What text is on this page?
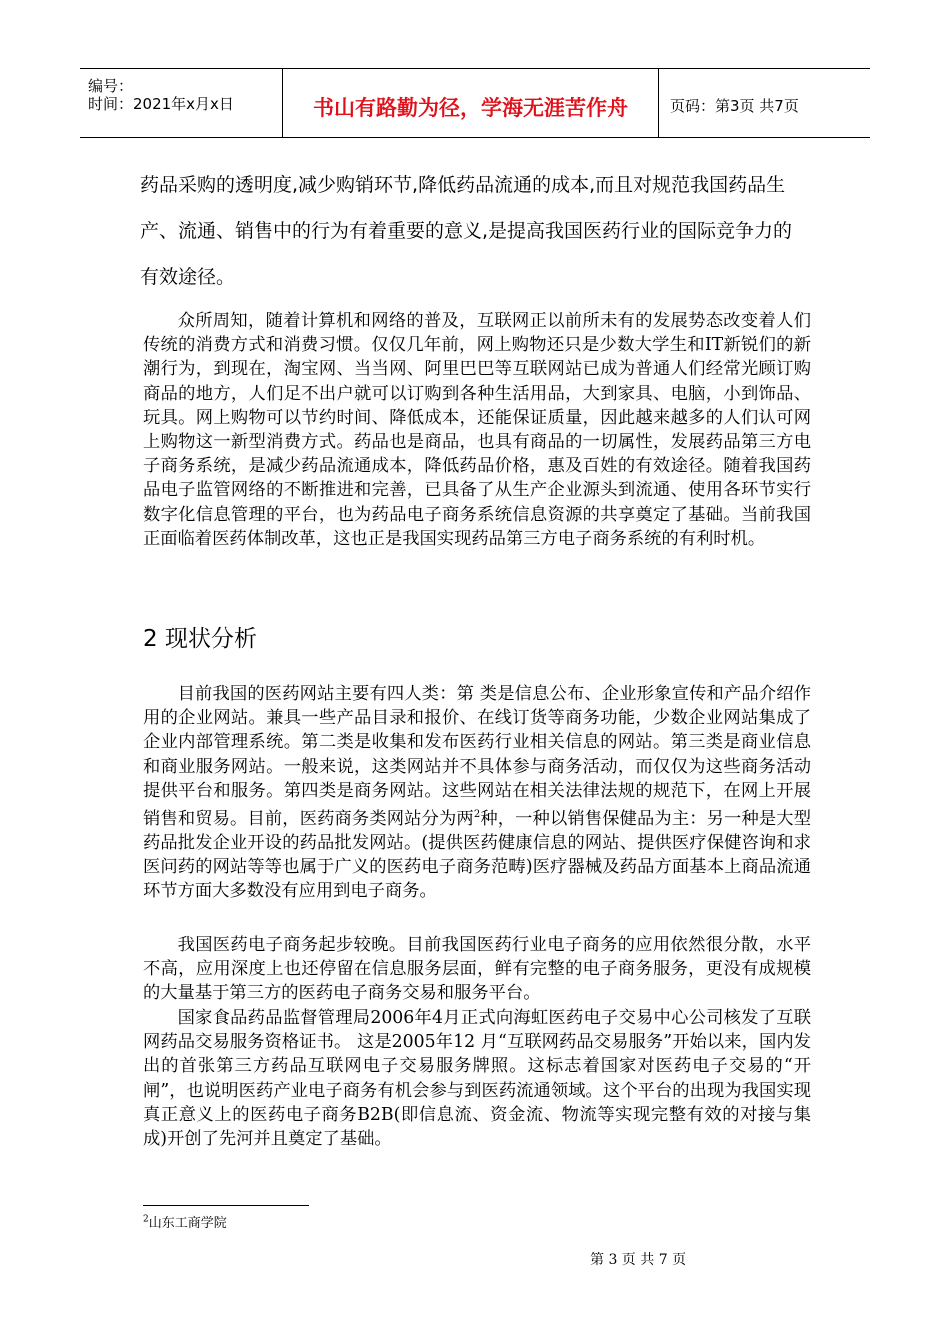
编号：
时间：2021年x月x日	书山有路勤为径，学海无涯苦作舟	页码：第3页 共7页
药品采购的透明度,减少购销环节,降低药品流通的成本,而且对规范我国药品生
产、流通、销售中的行为有着重要的意义,是提高我国医药行业的国际竞争力的
有效途径。

众所周知，随着计算机和网络的普及，互联网正以前所未有的发展势态改变着人们传统的消费方式和消费习惯。仅仅几年前，网上购物还只是少数大学生和IT新锐们的新潮行为，到现在，淘宝网、当当网、阿里巴巴等互联网站已成为普通人们经常光顾订购商品的地方，人们足不出户就可以订购到各种生活用品，大到家具、电脑，小到饰品、玩具。网上购物可以节约时间、降低成本，还能保证质量，因此越来越多的人们认可网上购物这一新型消费方式。药品也是商品，也具有商品的一切属性，发展药品第三方电子商务系统，是减少药品流通成本，降低药品价格，惠及百姓的有效途径。随着我国药品电子监管网络的不断推进和完善，已具备了从生产企业源头到流通、使用各环节实行数字化信息管理的平台，也为药品电子商务系统信息资源的共享奠定了基础。当前我国正面临着医药体制改革，这也正是我国实现药品第三方电子商务系统的有利时机。

2 现状分析

目前我国的医药网站主要有四人类：第 类是信息公布、企业形象宣传和产品介绍作用的企业网站。兼具一些产品目录和报价、在线订货等商务功能，少数企业网站集成了企业内部管理系统。第二类是收集和发布医药行业相关信息的网站。第三类是商业信息和商业服务网站。一般来说，这类网站并不具体参与商务活动，而仅仅为这些商务活动提供平台和服务。第四类是商务网站。这些网站在相关法律法规的规范下，在网上开展销售和贸易。目前，医药商务类网站分为两$^2$种，一种以销售保健品为主：另一种是大型药品批发企业开设的药品批发网站。(提供医药健康信息的网站、提供医疗保健咨询和求医问药的网站等等也属于广义的医药电子商务范畴)医疗器械及药品方面基本上商品流通环节方面大多数没有应用到电子商务。

我国医药电子商务起步较晚。目前我国医药行业电子商务的应用依然很分散，水平不高，应用深度上也还停留在信息服务层面，鲜有完整的电子商务服务，更没有成规模的大量基于第三方的医药电子商务交易和服务平台。

国家食品药品监督管理局2006年4月正式向海虹医药电子交易中心公司核发了互联网药品交易服务资格证书。 这是2005年12 月“互联网药品交易服务”开始以来，国内发出的首张第三方药品互联网电子交易服务牌照。这标志着国家对医药电子交易的“开闸”，也说明医药产业电子商务有机会参与到医药流通领域。这个平台的出现为我国实现真正意义上的医药电子商务B2B(即信息流、资金流、物流等实现完整有效的对接与集成)开创了先河并且奠定了基础。

$^2$山东工商学院
第 3 页 共 7 页
